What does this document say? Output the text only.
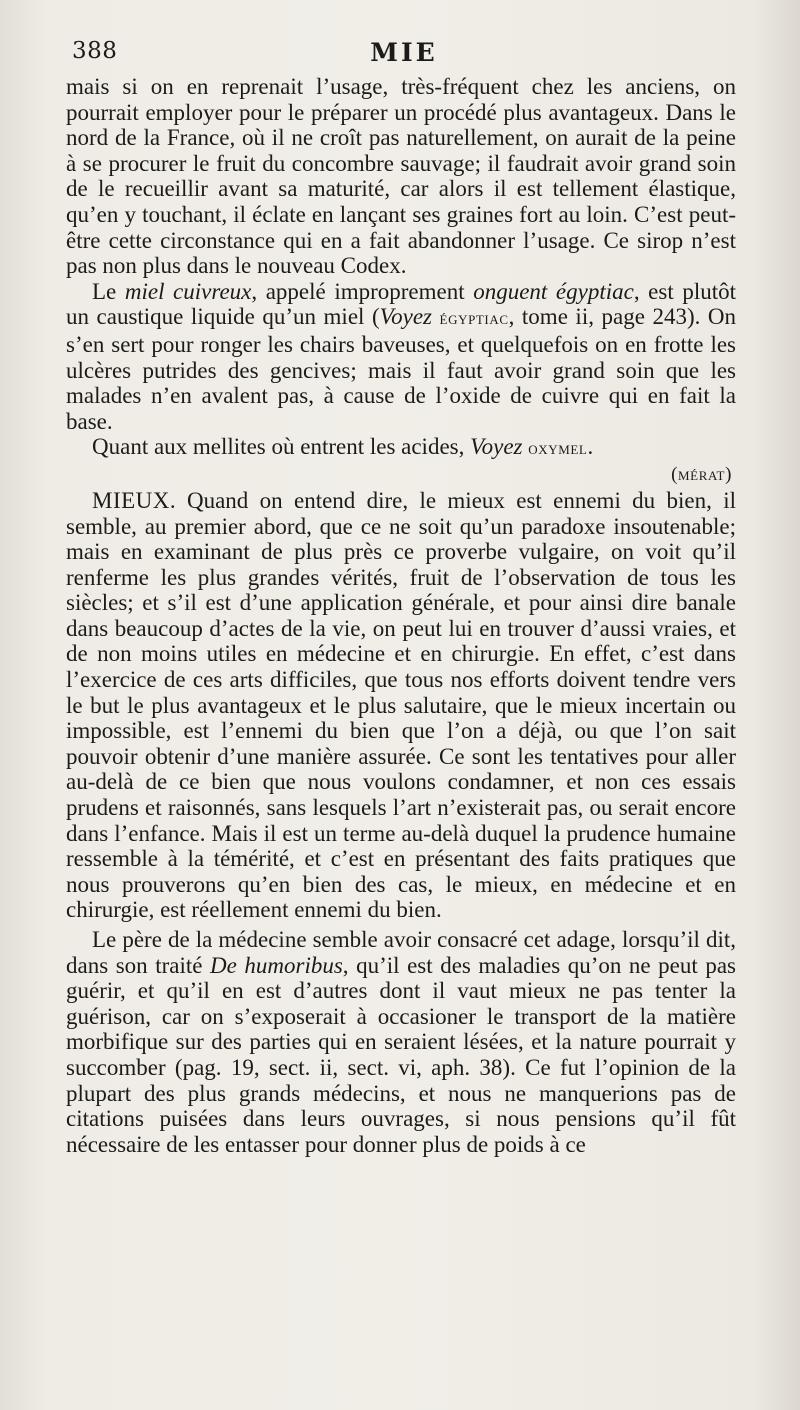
388	MIE

mais si on en reprenait l’usage, très-fréquent chez les anciens, on pourrait employer pour le préparer un procédé plus avantageux. Dans le nord de la France, où il ne croît pas naturellement, on aurait de la peine à se procurer le fruit du concombre sauvage; il faudrait avoir grand soin de le recueillir avant sa maturité, car alors il est tellement élastique, qu’en y touchant, il éclate en lançant ses graines fort au loin. C’est peut-être cette circonstance qui en a fait abandonner l’usage. Ce sirop n’est pas non plus dans le nouveau Codex.

Le miel cuivreux, appelé improprement onguent égyptiac, est plutôt un caustique liquide qu’un miel (Voyez égyptiac, tome ii, page 243). On s’en sert pour ronger les chairs baveuses, et quelquefois on en frotte les ulcères putrides des gencives; mais il faut avoir grand soin que les malades n’en avalent pas, à cause de l’oxide de cuivre qui en fait la base.

Quant aux mellites où entrent les acides, Voyez oxymel.

(mérat)

MIEUX. Quand on entend dire, le mieux est ennemi du bien, il semble, au premier abord, que ce ne soit qu’un paradoxe insoutenable; mais en examinant de plus près ce proverbe vulgaire, on voit qu’il renferme les plus grandes vérités, fruit de l’observation de tous les siècles; et s’il est d’une application générale, et pour ainsi dire banale dans beaucoup d’actes de la vie, on peut lui en trouver d’aussi vraies, et de non moins utiles en médecine et en chirurgie. En effet, c’est dans l’exercice de ces arts difficiles, que tous nos efforts doivent tendre vers le but le plus avantageux et le plus salutaire, que le mieux incertain ou impossible, est l’ennemi du bien que l’on a déjà, ou que l’on sait pouvoir obtenir d’une manière assurée. Ce sont les tentatives pour aller au-delà de ce bien que nous voulons condamner, et non ces essais prudens et raisonnés, sans lesquels l’art n’existerait pas, ou serait encore dans l’enfance. Mais il est un terme au-delà duquel la prudence humaine ressemble à la témérité, et c’est en présentant des faits pratiques que nous prouverons qu’en bien des cas, le mieux, en médecine et en chirurgie, est réellement ennemi du bien.

Le père de la médecine semble avoir consacré cet adage, lorsqu’il dit, dans son traité De humoribus, qu’il est des maladies qu’on ne peut pas guérir, et qu’il en est d’autres dont il vaut mieux ne pas tenter la guérison, car on s’exposerait à occasioner le transport de la matière morbifique sur des parties qui en seraient lésées, et la nature pourrait y succomber (pag. 19, sect. ii, sect. vi, aph. 38). Ce fut l’opinion de la plupart des plus grands médecins, et nous ne manquerions pas de citations puisées dans leurs ouvrages, si nous pensions qu’il fût nécessaire de les entasser pour donner plus de poids à ce
